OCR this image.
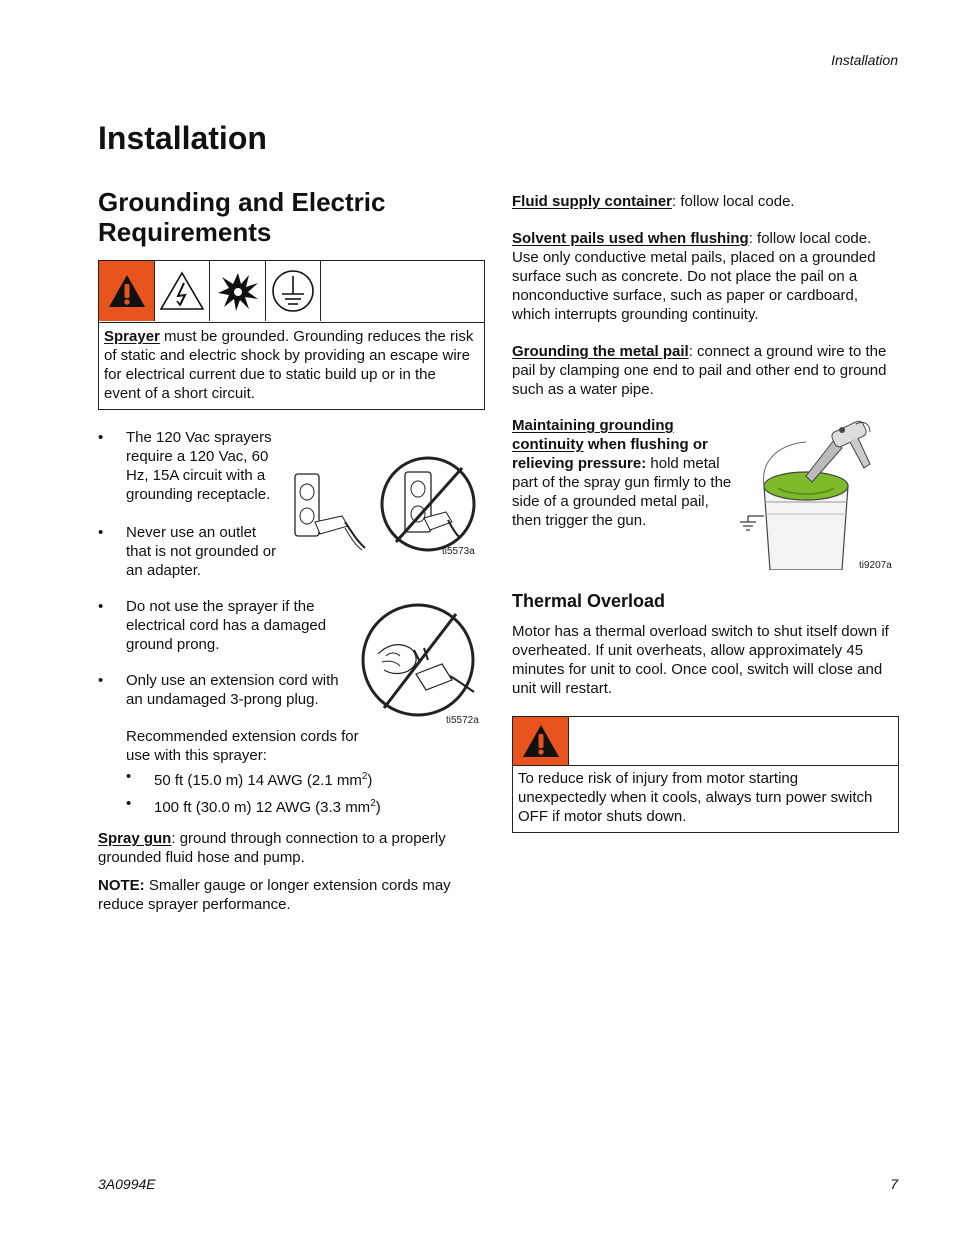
Installation
Installation
Grounding and Electric
Requirements
Sprayer must be grounded. Grounding reduces the risk of static and electric shock by providing an escape wire for electrical current due to static build up or in the event of a short circuit.
• The 120 Vac sprayers require a 120 Vac, 60 Hz, 15A circuit with a grounding receptacle.
• Never use an outlet that is not grounded or an adapter.
ti5573a
• Do not use the sprayer if the electrical cord has a damaged ground prong.
• Only use an extension cord with an undamaged 3-prong plug.
ti5572a
Recommended extension cords for use with this sprayer:
• 50 ft (15.0 m) 14 AWG (2.1 $mm^2$)
• 100 ft (30.0 m) 12 AWG (3.3 $mm^2$)
Spray gun: ground through connection to a properly grounded fluid hose and pump.
NOTE: Smaller gauge or longer extension cords may reduce sprayer performance.
Fluid supply container: follow local code.
Solvent pails used when flushing: follow local code. Use only conductive metal pails, placed on a grounded surface such as concrete. Do not place the pail on a nonconductive surface, such as paper or cardboard, which interrupts grounding continuity.
Grounding the metal pail: connect a ground wire to the pail by clamping one end to pail and other end to ground such as a water pipe.
Maintaining grounding
continuity when flushing or relieving pressure: hold metal part of the spray gun firmly to the side of a grounded metal pail, then trigger the gun.
ti9207a
Thermal Overload
Motor has a thermal overload switch to shut itself down if overheated. If unit overheats, allow approximately 45 minutes for unit to cool. Once cool, switch will close and unit will restart.
To reduce risk of injury from motor starting unexpectedly when it cools, always turn power switch OFF if motor shuts down.
3A0994E	7
